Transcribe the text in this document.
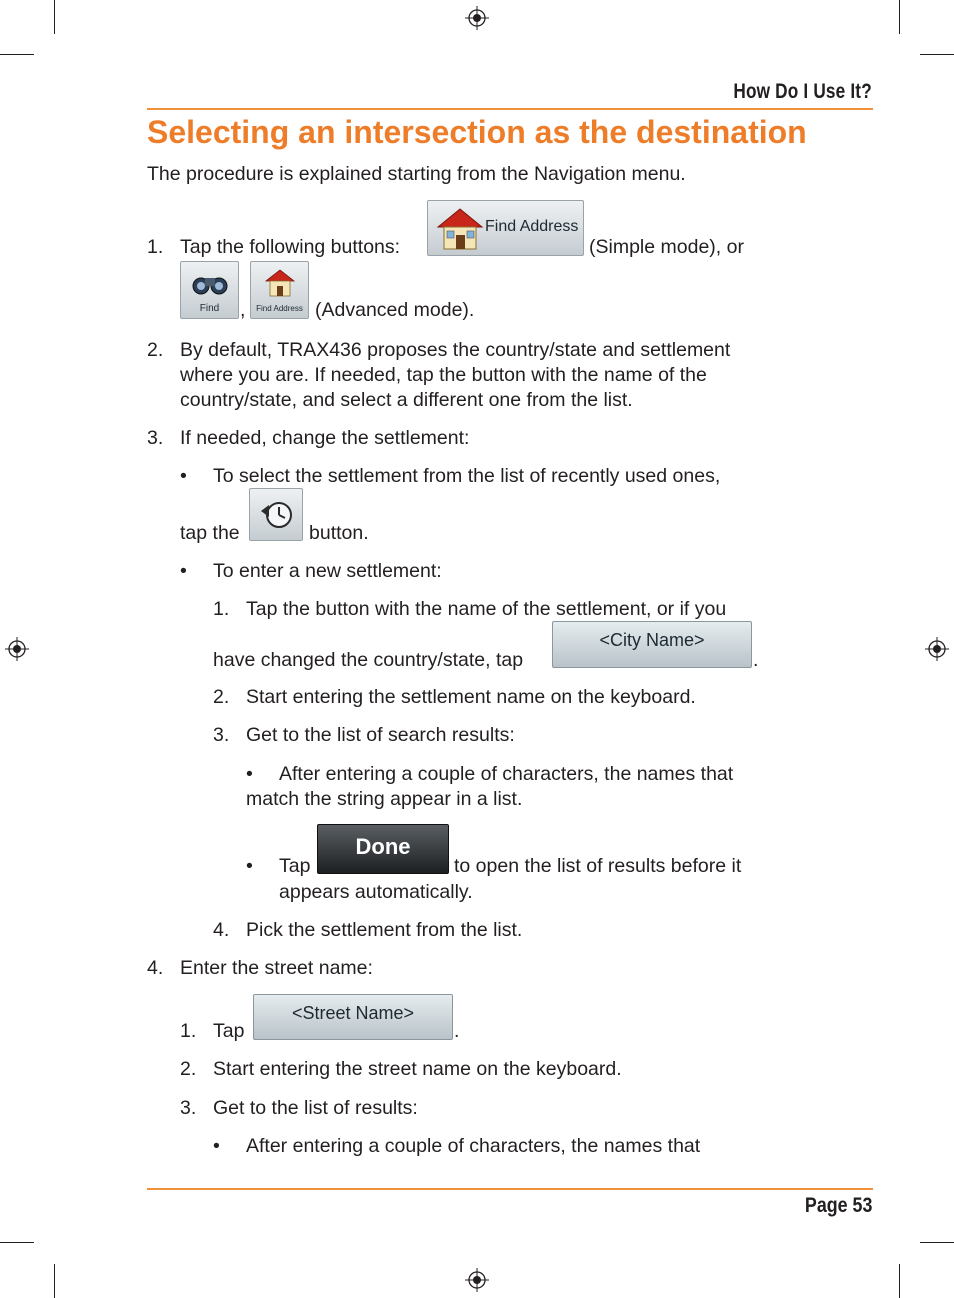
How Do I Use It?
Selecting an intersection as the destination
The procedure is explained starting from the Navigation menu.
1. Tap the following buttons:
Find Address
(Simple mode), or
Find	,	Find Address (Advanced mode).
2. By default, TRAX436 proposes the country/state and settlement
where you are. If needed, tap the button with the name of the
country/state, and select a different one from the list.
3. If needed, change the settlement:
• To select the settlement from the list of recently used ones,
tap the	button.
• To enter a new settlement:
1. Tap the button with the name of the settlement, or if you
have changed the country/state, tap
<City Name>
.
2. Start entering the settlement name on the keyboard.
3. Get to the list of search results:
• After entering a couple of characters, the names that
match the string appear in a list.
• Tap
Done
to open the list of results before it
appears automatically.
4. Pick the settlement from the list.
4. Enter the street name:
1. Tap
<Street Name>
.
2. Start entering the street name on the keyboard.
3. Get to the list of results:
• After entering a couple of characters, the names that
Page 53
